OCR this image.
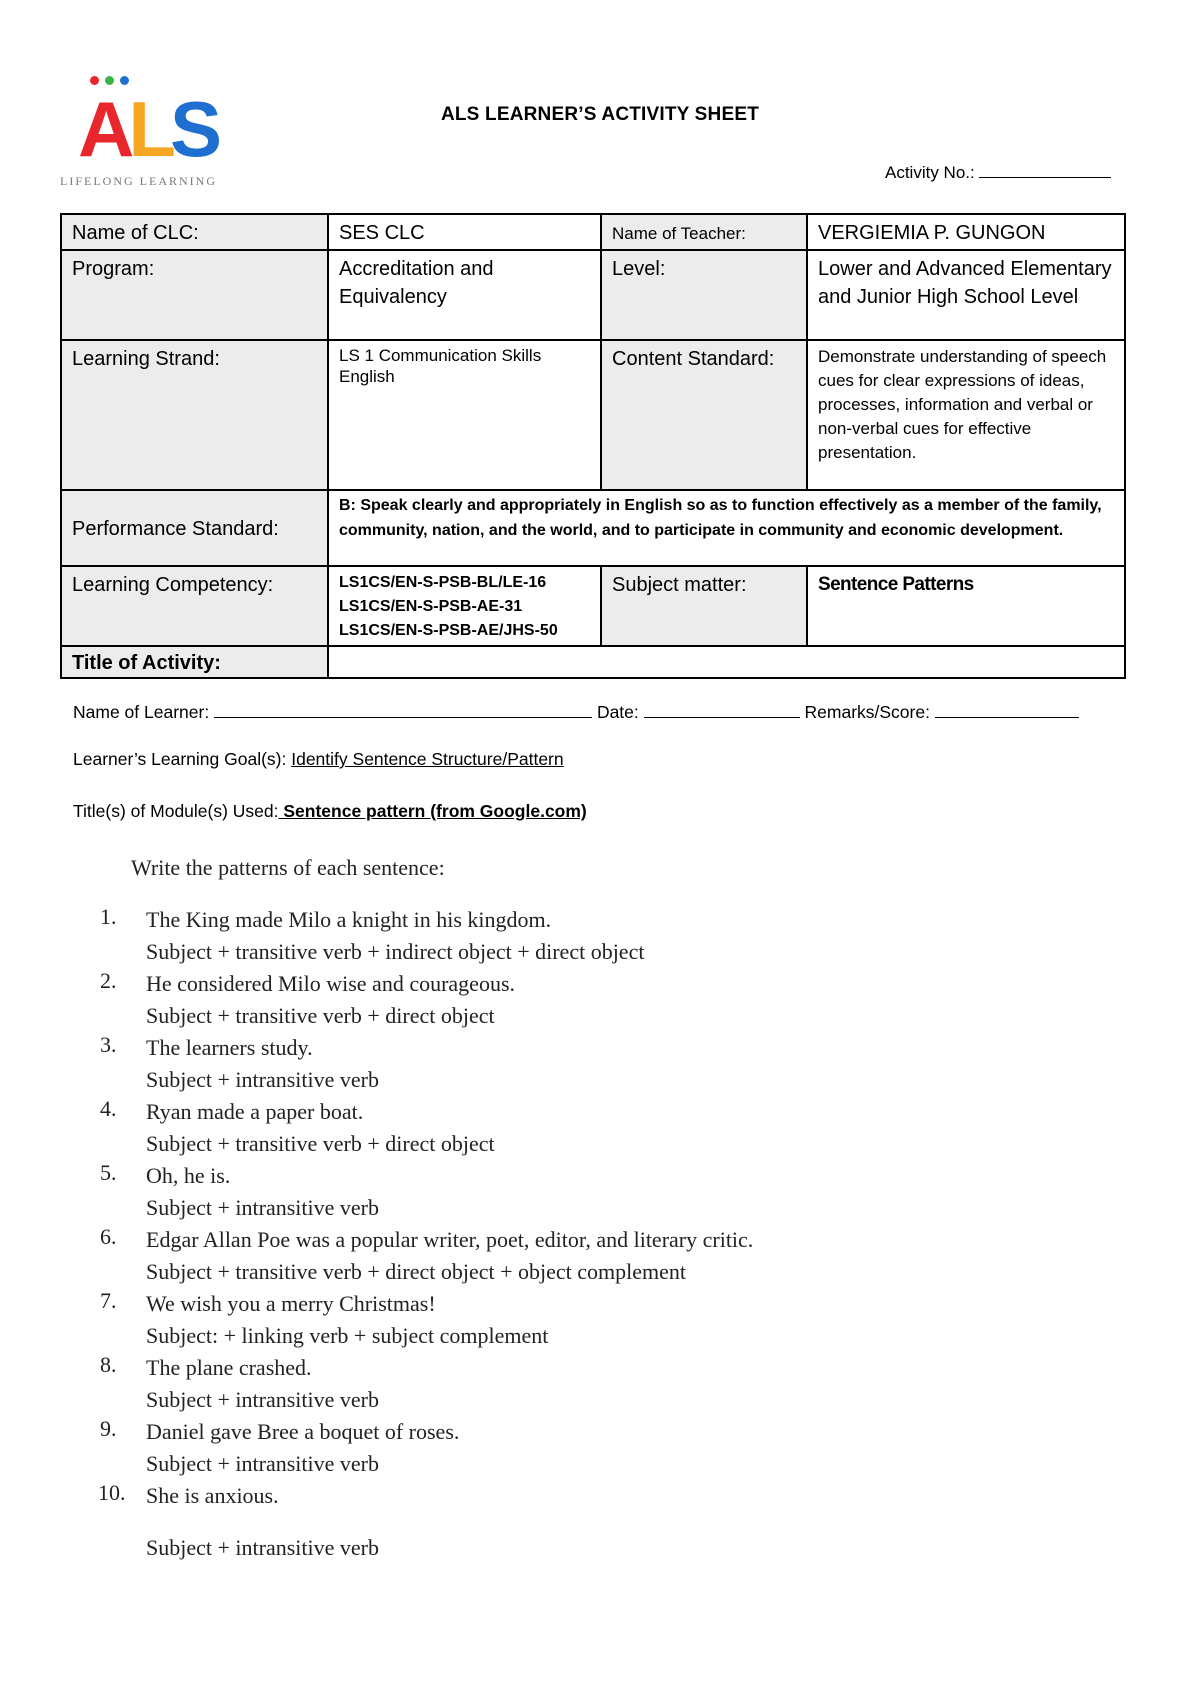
ALS
LIFELONG LEARNING
ALS LEARNER’S ACTIVITY SHEET
Activity No.:
Name of CLC:	SES CLC	Name of Teacher:	VERGIEMIA P. GUNGON
Program:	Accreditation and Equivalency	Level:	Lower and Advanced Elementary and Junior High School Level
Learning Strand:	LS 1 Communication Skills English	Content Standard:	Demonstrate understanding of speech cues for clear expressions of ideas, processes, information and verbal or non-verbal cues for effective presentation.
Performance Standard:	B: Speak clearly and appropriately in English so as to function effectively as a member of the family, community, nation, and the world, and to participate in community and economic development.		
Learning Competency:	LS1CS/EN-S-PSB-BL/LE-16
LS1CS/EN-S-PSB-AE-31
LS1CS/EN-S-PSB-AE/JHS-50	Subject matter:	Sentence Patterns
Title of Activity:			
Name of Learner:	Date:	Remarks/Score:
Learner’s Learning Goal(s): Identify Sentence Structure/Pattern
Title(s) of Module(s) Used: Sentence pattern (from Google.com)
Write the patterns of each sentence:
1.	The King made Milo a knight in his kingdom.
Subject + transitive verb + indirect object + direct object
2.	He considered Milo wise and courageous.
Subject + transitive verb + direct object
3.	The learners study.
Subject + intransitive verb
4.	Ryan made a paper boat.
Subject + transitive verb + direct object
5.	Oh, he is.
Subject + intransitive verb
6.	Edgar Allan Poe was a popular writer, poet, editor, and literary critic.
Subject + transitive verb + direct object + object complement
7.	We wish you a merry Christmas!
Subject: + linking verb + subject complement
8.	The plane crashed.
Subject + intransitive verb
9.	Daniel gave Bree a boquet of roses.
Subject + intransitive verb
10. She is anxious.
Subject + intransitive verb
